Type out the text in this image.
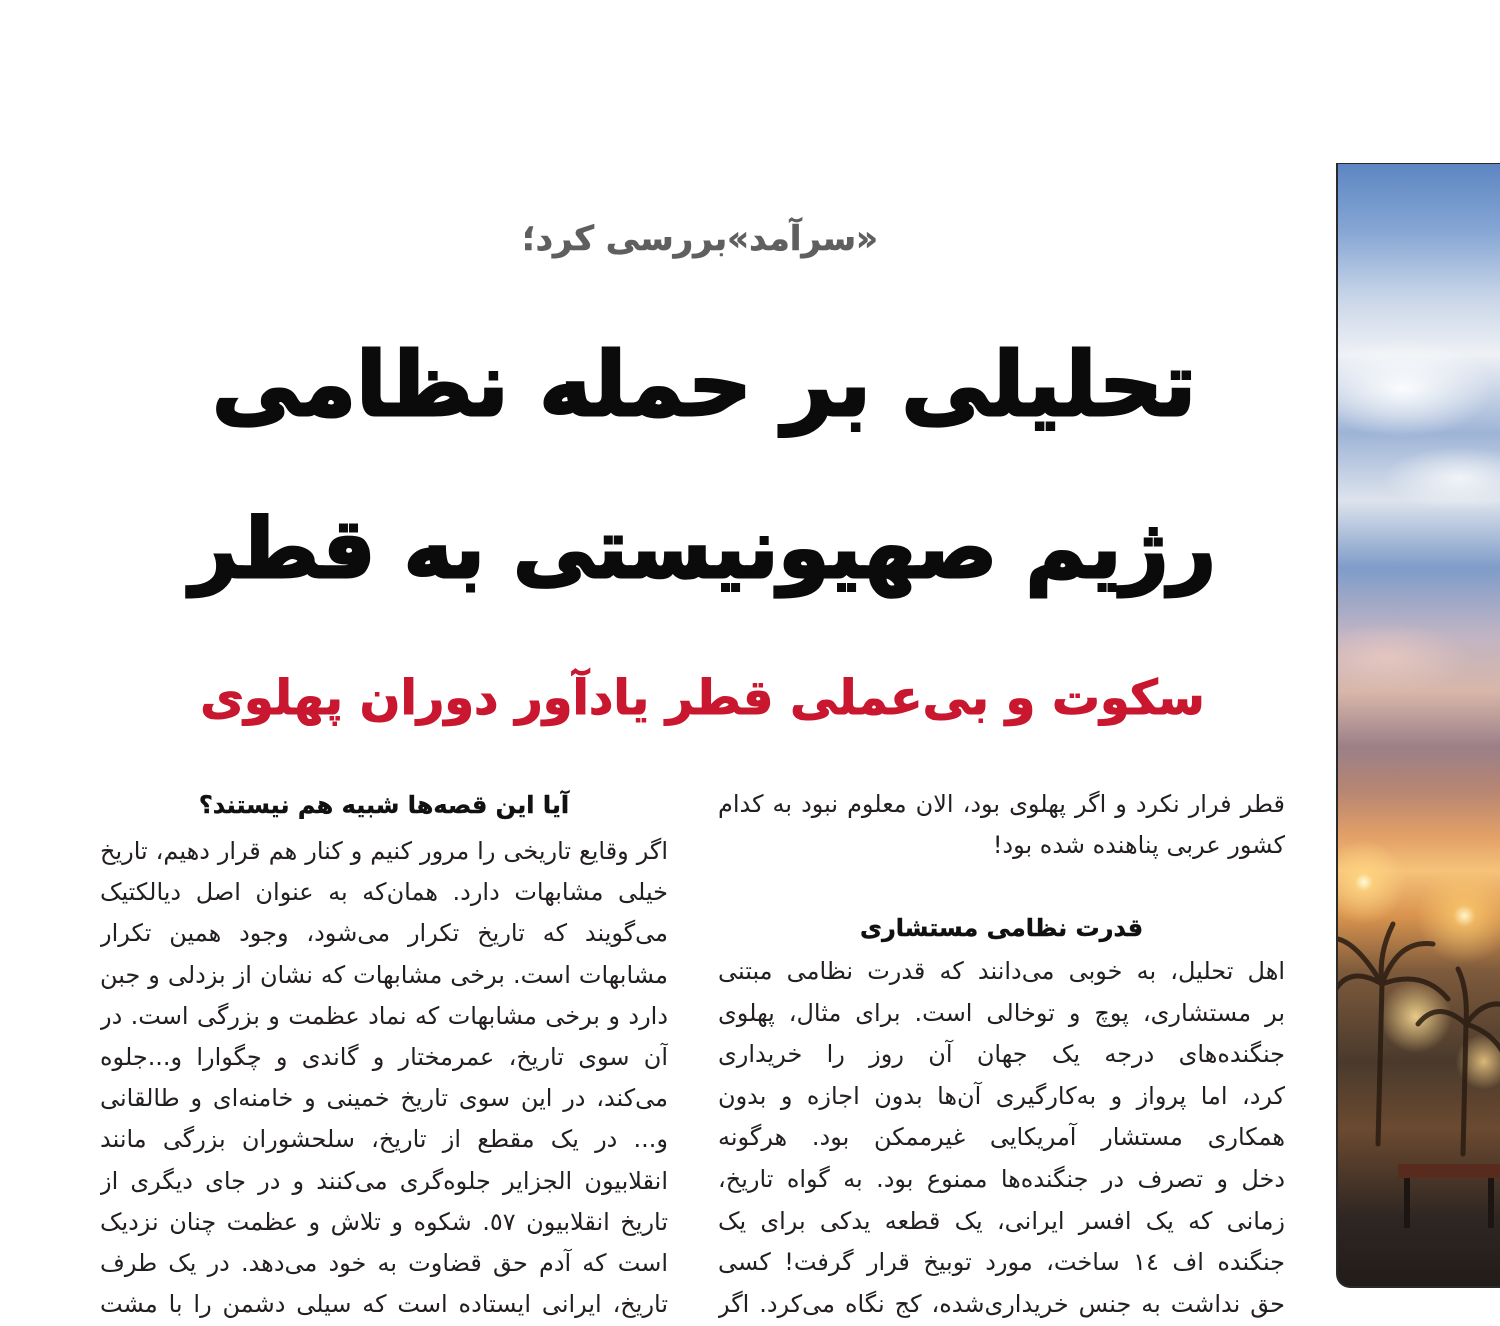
«سرآمد»بررسی کرد؛
تحلیلی بر حمله نظامی
رژیم صهیونیستی به قطر
سکوت و بی‌عملی قطر یادآور دوران پهلوی
قطر فرار نکرد و اگر پهلوی بود، الان معلوم نبود به کدام
کشور عربی پناهنده شده بود!
قدرت نظامی مستشاری
اهل تحلیل، به خوبی می‌دانند که قدرت نظامی مبتنی
بر مستشاری، پوچ و توخالی است. برای مثال، پهلوی
جنگنده‌های درجه یک جهان آن روز را خریداری
کرد، اما پرواز و به‌کارگیری آن‌ها بدون اجازه و بدون
همکاری مستشار آمریکایی غیرممکن بود. هرگونه
دخل و تصرف در جنگنده‌ها ممنوع بود. به گواه تاریخ،
زمانی که یک افسر ایرانی، یک قطعه یدکی برای یک
جنگنده اف ١٤ ساخت، مورد توبیخ قرار گرفت! کسی
حق نداشت به جنس خریداری‌شده، کج نگاه می‌کرد. اگر
آیا این قصه‌ها شبیه هم نیستند؟
اگر وقایع تاریخی را مرور کنیم و کنار هم قرار دهیم، تاریخ
خیلی مشابهات دارد. همان‌که به عنوان اصل دیالکتیک
می‌گویند که تاریخ تکرار می‌شود، وجود همین تکرار
مشابهات است. برخی مشابهات که نشان از بزدلی و جبن
دارد و برخی مشابهات که نماد عظمت و بزرگی است. در
آن سوی تاریخ، عمرمختار و گاندی و چگوارا و...جلوه
می‌کند، در این سوی تاریخ خمینی و خامنه‌ای و طالقانی
و... در یک مقطع از تاریخ، سلحشوران بزرگی مانند
انقلابیون الجزایر جلوه‌گری می‌کنند و در جای دیگری از
تاریخ انقلابیون ٥٧. شکوه و تلاش و عظمت چنان نزدیک
است که آدم حق قضاوت به خود می‌دهد. در یک طرف
تاریخ، ایرانی ایستاده است که سیلی دشمن را با مشت
